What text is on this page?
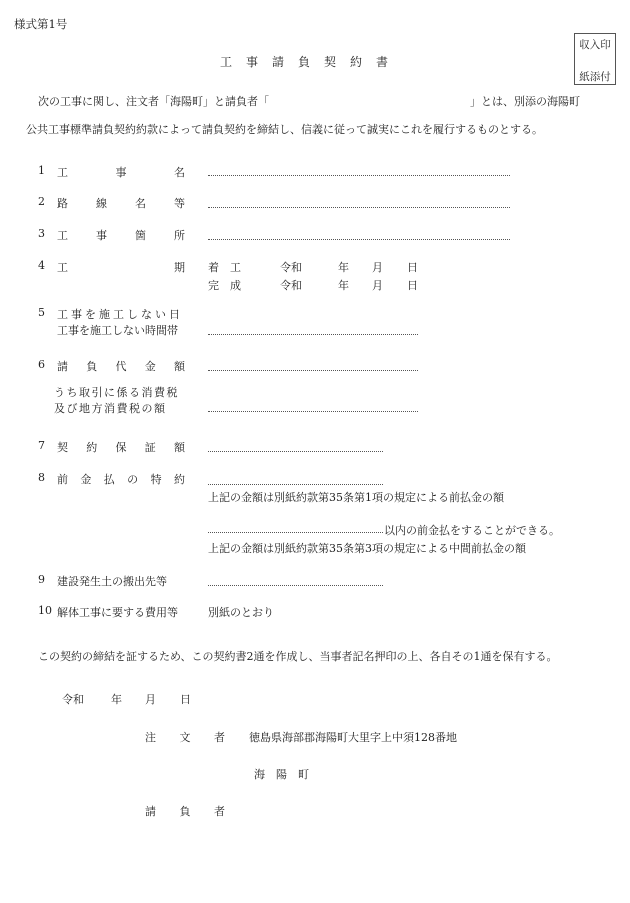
様式第1号
収入印
紙添付
工　事　請　負　契　約　書
次の工事に関し、注文者「海陽町」と請負者「	」とは、別添の海陽町
公共工事標準請負契約約款によって請負契約を締結し、信義に従って誠実にこれを履行するものとする。
1 工	事	名
2 路	線	名	等
3 工	事	箇	所
4 工	期 着　工	令和	年 月 日
完　成	令和	年 月 日
5 工事を施工しない日
工事を施工しない時間帯
6 請 負 代 金 額
うち取引に係る消費税
及び地方消費税の額
7 契 約 保 証 額
8 前 金 払 の 特 約
上記の金額は別紙約款第35条第1項の規定による前払金の額
以内の前金払をすることができる。
上記の金額は別紙約款第35条第3項の規定による中間前払金の額
9 建設発生土の搬出先等
10 解体工事に要する費用等	別紙のとおり
この契約の締結を証するため、この契約書2通を作成し、当事者記名押印の上、各自その1通を保有する。
令和 年 月 日
注 文 者 徳島県海部郡海陽町大里字上中須128番地
海　陽　町
請 負 者
